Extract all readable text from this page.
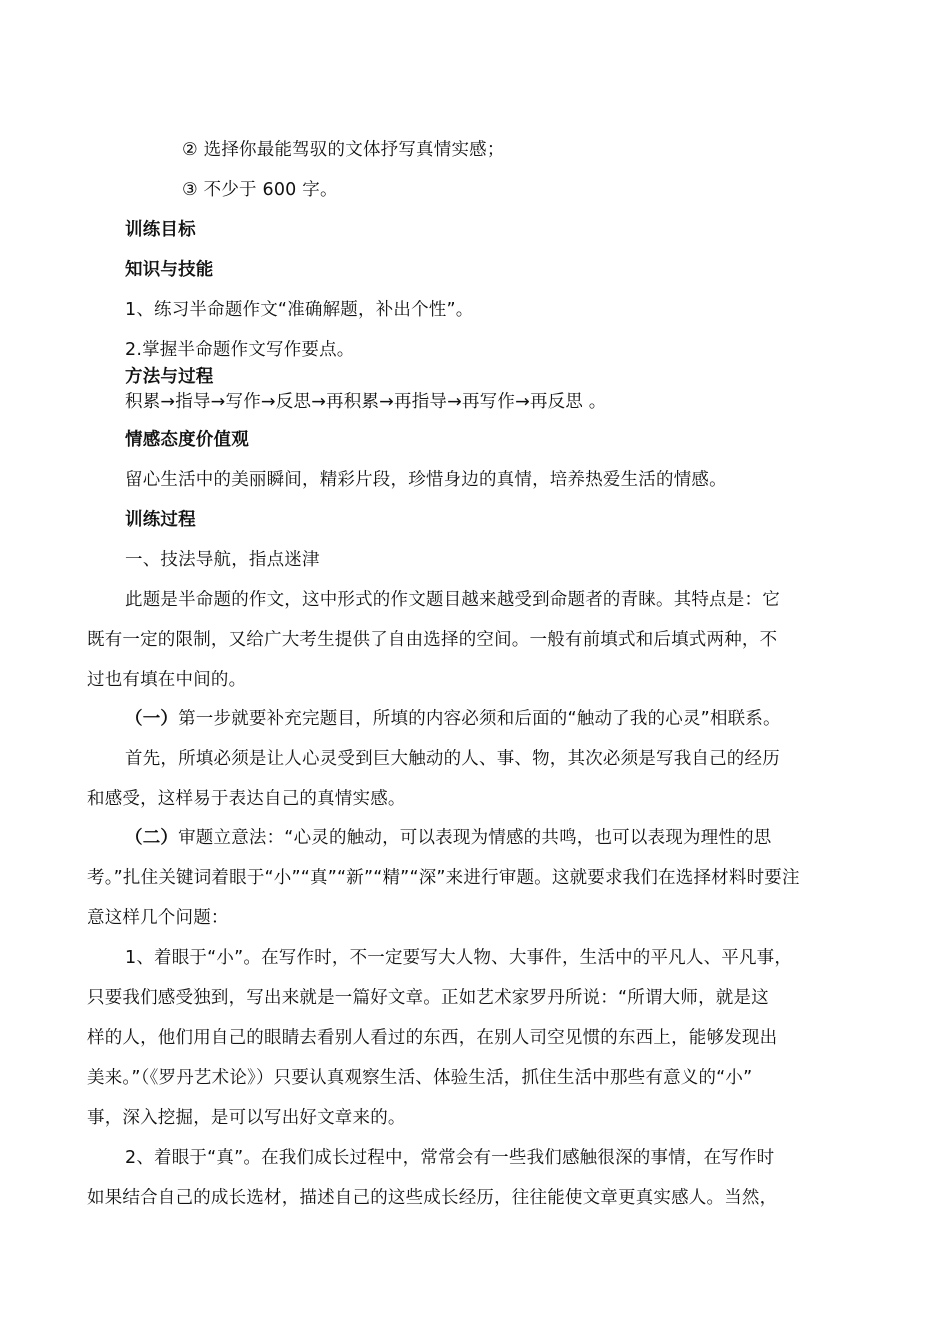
② 选择你最能驾驭的文体抒写真情实感；

③ 不少于 600 字。

训练目标

知识与技能

1、练习半命题作文“准确解题，补出个性”。

2.掌握半命题作文写作要点。

方法与过程

积累→指导→写作→反思→再积累→再指导→再写作→再反思 。

情感态度价值观

留心生活中的美丽瞬间，精彩片段，珍惜身边的真情，培养热爱生活的情感。

训练过程

一、技法导航，指点迷津

此题是半命题的作文，这中形式的作文题目越来越受到命题者的青睐。其特点是：它

既有一定的限制，又给广大考生提供了自由选择的空间。一般有前填式和后填式两种，不

过也有填在中间的。

（一）第一步就要补充完题目，所填的内容必须和后面的“触动了我的心灵”相联系。

首先，所填必须是让人心灵受到巨大触动的人、事、物，其次必须是写我自己的经历

和感受，这样易于表达自己的真情实感。

（二）审题立意法：“心灵的触动，可以表现为情感的共鸣，也可以表现为理性的思

考。”扎住关键词着眼于“小”“真”“新”“精”“深”来进行审题。这就要求我们在选择材料时要注

意这样几个问题：

1、着眼于“小”。在写作时，不一定要写大人物、大事件，生活中的平凡人、平凡事，

只要我们感受独到，写出来就是一篇好文章。正如艺术家罗丹所说：“所谓大师，就是这

样的人，他们用自己的眼睛去看别人看过的东西，在别人司空见惯的东西上，能够发现出

美来。”（《罗丹艺术论》）只要认真观察生活、体验生活，抓住生活中那些有意义的“小”

事，深入挖掘，是可以写出好文章来的。

2、着眼于“真”。在我们成长过程中，常常会有一些我们感触很深的事情，在写作时

如果结合自己的成长选材，描述自己的这些成长经历，往往能使文章更真实感人。当然，
